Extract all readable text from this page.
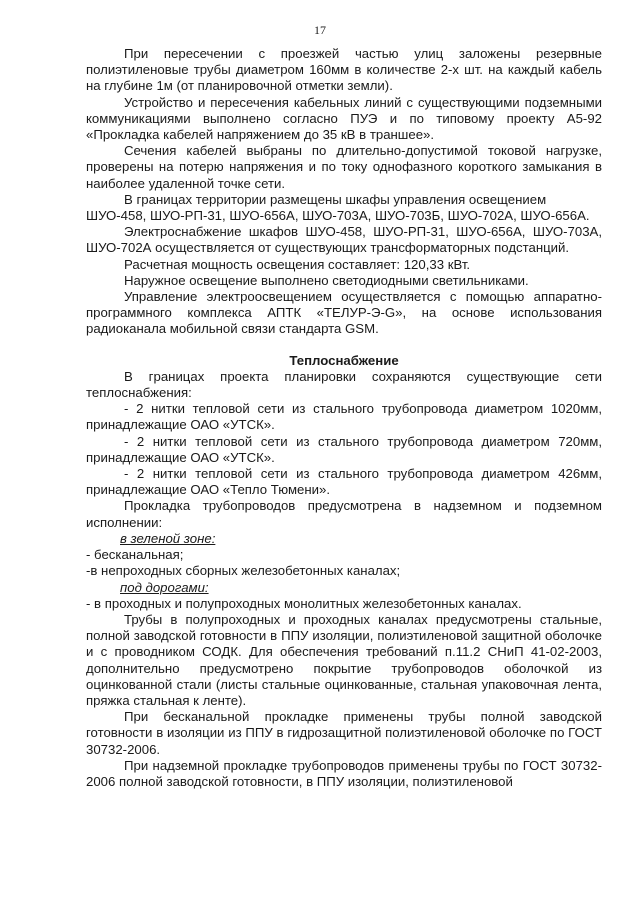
17

При пересечении с проезжей частью улиц заложены резервные полиэтиленовые трубы диаметром 160мм в количестве 2-х шт. на каждый кабель на глубине 1м (от планировочной отметки земли).

Устройство и пересечения кабельных линий с существующими подземными коммуникациями выполнено согласно ПУЭ и по типовому проекту А5-92 «Прокладка кабелей напряжением до 35 кВ в траншее».

Сечения кабелей выбраны по длительно-допустимой токовой нагрузке, проверены на потерю напряжения и по току однофазного короткого замыкания в наиболее удаленной точке сети.

В границах территории размещены шкафы управления освещением

ШУО-458, ШУО-РП-31, ШУО-656А, ШУО-703А, ШУО-703Б, ШУО-702А, ШУО-656А.

Электроснабжение шкафов ШУО-458, ШУО-РП-31, ШУО-656А, ШУО-703А, ШУО-702А осуществляется от существующих трансформаторных подстанций.

Расчетная мощность освещения составляет: 120,33 кВт.

Наружное освещение выполнено светодиодными светильниками.

Управление электроосвещением осуществляется с помощью аппаратно-программного комплекса АПТК «ТЕЛУР-Э-G», на основе использования радиоканала мобильной связи стандарта GSM.

Теплоснабжение

В границах проекта планировки сохраняются существующие сети теплоснабжения:

- 2 нитки тепловой сети из стального трубопровода диаметром 1020мм, принадлежащие ОАО «УТСК».

- 2 нитки тепловой сети из стального трубопровода диаметром 720мм, принадлежащие ОАО «УТСК».

- 2 нитки тепловой сети из стального трубопровода диаметром 426мм, принадлежащие ОАО «Тепло Тюмени».

Прокладка трубопроводов предусмотрена в надземном и подземном исполнении:

в зеленой зоне:

- бесканальная;

-в непроходных сборных железобетонных каналах;

под дорогами:

- в проходных и полупроходных монолитных железобетонных каналах.

Трубы в полупроходных и проходных каналах предусмотрены стальные, полной заводской готовности в ППУ изоляции, полиэтиленовой защитной оболочке и с проводником СОДК. Для обеспечения требований п.11.2 СНиП 41-02-2003, дополнительно предусмотрено покрытие трубопроводов оболочкой из оцинкованной стали (листы стальные оцинкованные, стальная упаковочная лента, пряжка стальная к ленте).

При бесканальной прокладке применены трубы полной заводской готовности в изоляции из ППУ в гидрозащитной полиэтиленовой оболочке по ГОСТ 30732-2006.

При надземной прокладке трубопроводов применены трубы по ГОСТ 30732-2006 полной заводской готовности, в ППУ изоляции, полиэтиленовой
